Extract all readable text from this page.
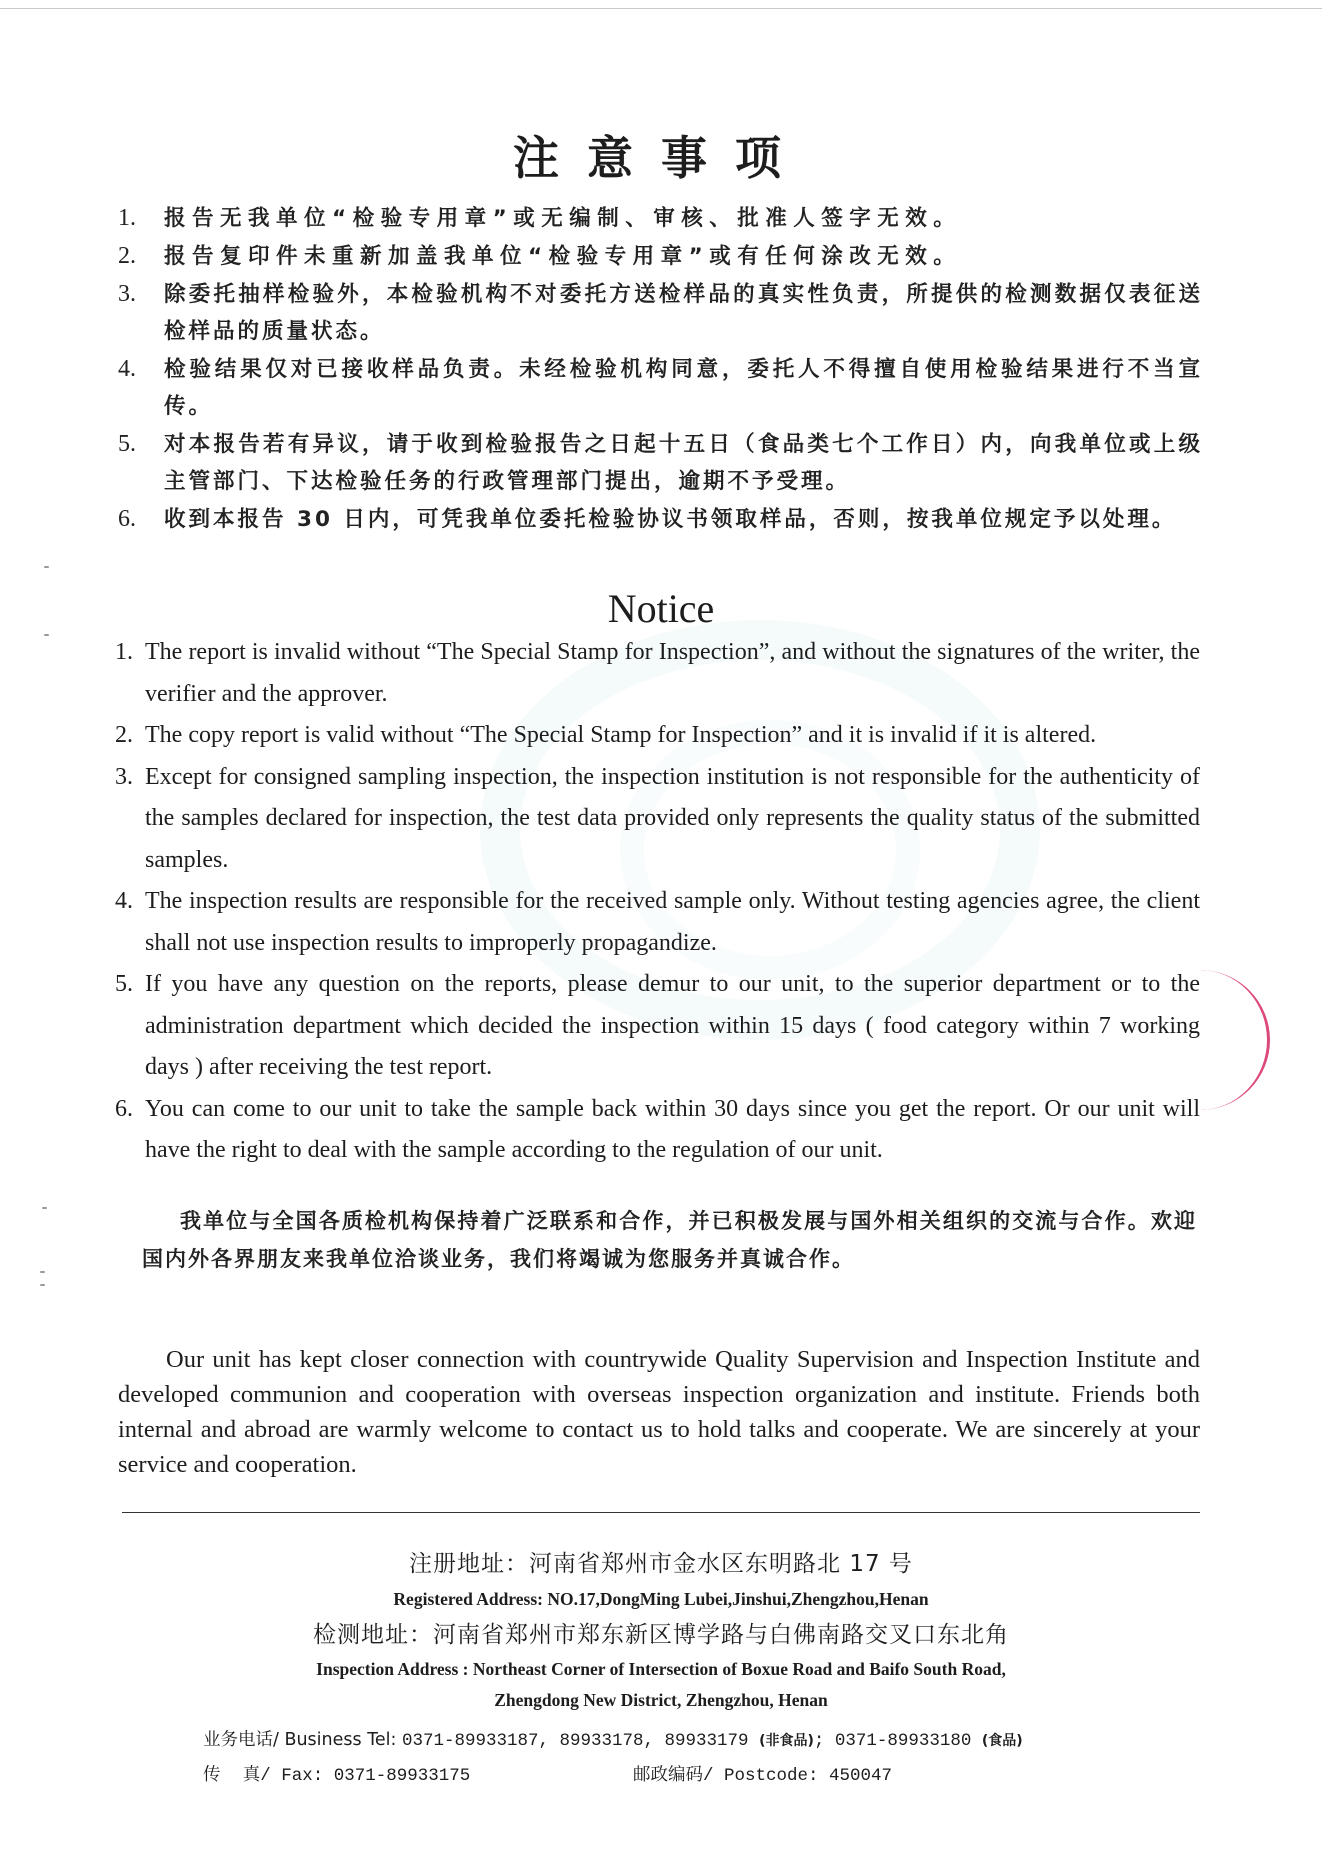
注意事项
1.	报告无我单位“检验专用章”或无编制、审核、批准人签字无效。
2.	报告复印件未重新加盖我单位“检验专用章”或有任何涂改无效。
3.	除委托抽样检验外，本检验机构不对委托方送检样品的真实性负责，所提供的检测数据仅表征送检样品的质量状态。
4.	检验结果仅对已接收样品负责。未经检验机构同意，委托人不得擅自使用检验结果进行不当宣传。
5.	对本报告若有异议，请于收到检验报告之日起十五日（食品类七个工作日）内，向我单位或上级主管部门、下达检验任务的行政管理部门提出，逾期不予受理。
6.	收到本报告 30 日内，可凭我单位委托检验协议书领取样品，否则，按我单位规定予以处理。
Notice
1. The report is invalid without “The Special Stamp for Inspection”, and without the signatures of the writer, the verifier and the approver.
2. The copy report is valid without “The Special Stamp for Inspection” and it is invalid if it is altered.
3. Except for consigned sampling inspection, the inspection institution is not responsible for the authenticity of the samples declared for inspection, the test data provided only represents the quality status of the submitted samples.
4. The inspection results are responsible for the received sample only. Without testing agencies agree, the client shall not use inspection results to improperly propagandize.
5. If you have any question on the reports, please demur to our unit, to the superior department or to the administration department which decided the inspection within 15 days ( food category within 7 working days ) after receiving the test report.
6. You can come to our unit to take the sample back within 30 days since you get the report. Or our unit will have the right to deal with the sample according to the regulation of our unit.
我单位与全国各质检机构保持着广泛联系和合作，并已积极发展与国外相关组织的交流与合作。欢迎国内外各界朋友来我单位洽谈业务，我们将竭诚为您服务并真诚合作。
Our unit has kept closer connection with countrywide Quality Supervision and Inspection Institute and developed communion and cooperation with overseas inspection organization and institute. Friends both internal and abroad are warmly welcome to contact us to hold talks and cooperate. We are sincerely at your service and cooperation.
注册地址：河南省郑州市金水区东明路北 17 号
Registered Address: NO.17,DongMing Lubei,Jinshui,Zhengzhou,Henan
检测地址：河南省郑州市郑东新区博学路与白佛南路交叉口东北角
Inspection Address : Northeast Corner of Intersection of Boxue Road and Baifo South Road,
Zhengdong New District, Zhengzhou, Henan
业务电话/ Business Tel: 0371-89933187, 89933178, 89933179 (非食品); 0371-89933180 (食品)
传    真/ Fax: 0371-89933175	邮政编码/ Postcode: 450047
